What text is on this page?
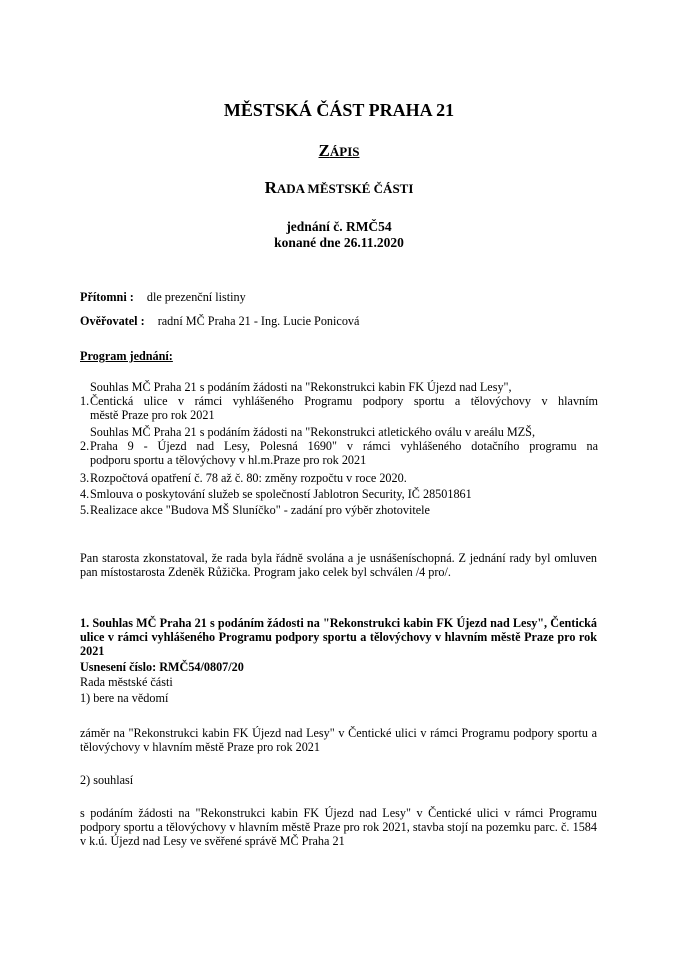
MĚSTSKÁ ČÁST PRAHA 21
ZÁPIS
RADA MĚSTSKÉ ČÁSTI
jednání č. RMČ54
konané dne 26.11.2020
Přítomni : dle prezenční listiny
Ověřovatel : radní MČ Praha 21 - Ing. Lucie Ponicová
Program jednání:
Souhlas MČ Praha 21 s podáním žádosti na "Rekonstrukci kabin FK Újezd nad Lesy",
1. Čentická ulice v rámci vyhlášeného Programu podpory sportu a tělovýchovy v hlavním
městě Praze pro rok 2021
Souhlas MČ Praha 21 s podáním žádosti na "Rekonstrukci atletického oválu v areálu MZŠ,
2. Praha 9 - Újezd nad Lesy, Polesná 1690" v rámci vyhlášeného dotačního programu na
podporu sportu a tělovýchovy v hl.m.Praze pro rok 2021
3. Rozpočtová opatření č. 78 až č. 80: změny rozpočtu v roce 2020.
4. Smlouva o poskytování služeb se společností Jablotron Security, IČ 28501861
5. Realizace akce "Budova MŠ Sluníčko" - zadání pro výběr zhotovitele
Pan starosta zkonstatoval, že rada byla řádně svolána a je usnášeníschopná. Z jednání rady byl omluven pan místostarosta Zdeněk Růžička. Program jako celek byl schválen /4 pro/.
1. Souhlas MČ Praha 21 s podáním žádosti na "Rekonstrukci kabin FK Újezd nad Lesy", Čentická ulice v rámci vyhlášeného Programu podpory sportu a tělovýchovy v hlavním městě Praze pro rok 2021
Usnesení číslo: RMČ54/0807/20
Rada městské části
1) bere na vědomí
záměr na "Rekonstrukci kabin FK Újezd nad Lesy" v Čentické ulici v rámci Programu podpory sportu a tělovýchovy v hlavním městě Praze pro rok 2021
2) souhlasí
s podáním žádosti na "Rekonstrukci kabin FK Újezd nad Lesy" v Čentické ulici v rámci Programu podpory sportu a tělovýchovy v hlavním městě Praze pro rok 2021, stavba stojí na pozemku parc. č. 1584 v k.ú. Újezd nad Lesy ve svěřené správě MČ Praha 21
